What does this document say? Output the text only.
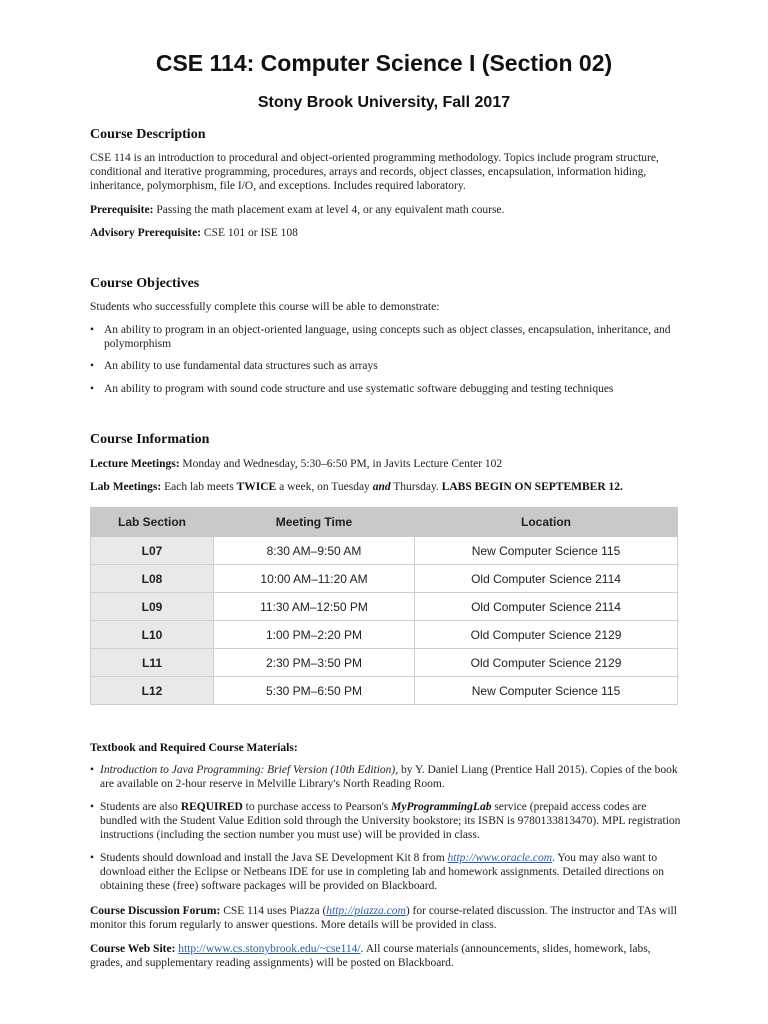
CSE 114: Computer Science I (Section 02)
Stony Brook University, Fall 2017
Course Description

CSE 114 is an introduction to procedural and object-oriented programming methodology. Topics include program structure, conditional and iterative programming, procedures, arrays and records, object classes, encapsulation, information hiding, inheritance, polymorphism, file I/O, and exceptions. Includes required laboratory.

Prerequisite: Passing the math placement exam at level 4, or any equivalent math course.

Advisory Prerequisite: CSE 101 or ISE 108

Course Objectives

Students who successfully complete this course will be able to demonstrate:

• An ability to program in an object-oriented language, using concepts such as object classes, encapsulation, inheritance, and polymorphism
• An ability to use fundamental data structures such as arrays
• An ability to program with sound code structure and use systematic software debugging and testing techniques
Course Information

Lecture Meetings: Monday and Wednesday, 5:30–6:50 PM, in Javits Lecture Center 102

Lab Meetings: Each lab meets TWICE a week, on Tuesday and Thursday. LABS BEGIN ON SEPTEMBER 12.

Lab Section	Meeting Time	Location
L07	8:30 AM–9:50 AM	New Computer Science 115
L08	10:00 AM–11:20 AM	Old Computer Science 2114
L09	11:30 AM–12:50 PM	Old Computer Science 2114
L10	1:00 PM–2:20 PM	Old Computer Science 2129
L11	2:30 PM–3:50 PM	Old Computer Science 2129
L12	5:30 PM–6:50 PM	New Computer Science 115
Textbook and Required Course Materials:
• Introduction to Java Programming: Brief Version (10th Edition), by Y. Daniel Liang (Prentice Hall 2015). Copies of the book are available on 2-hour reserve in Melville Library's North Reading Room.
• Students are also REQUIRED to purchase access to Pearson's MyProgrammingLab service (prepaid access codes are bundled with the Student Value Edition sold through the University bookstore; its ISBN is 9780133813470). MPL registration instructions (including the section number you must use) will be provided in class.
• Students should download and install the Java SE Development Kit 8 from http://www.oracle.com. You may also want to download either the Eclipse or Netbeans IDE for use in completing lab and homework assignments. Detailed directions on obtaining these (free) software packages will be provided on Blackboard.

Course Discussion Forum: CSE 114 uses Piazza (http://piazza.com) for course-related discussion. The instructor and TAs will monitor this forum regularly to answer questions. More details will be provided in class.

Course Web Site: http://www.cs.stonybrook.edu/~cse114/. All course materials (announcements, slides, homework, labs, grades, and supplementary reading assignments) will be posted on Blackboard.
